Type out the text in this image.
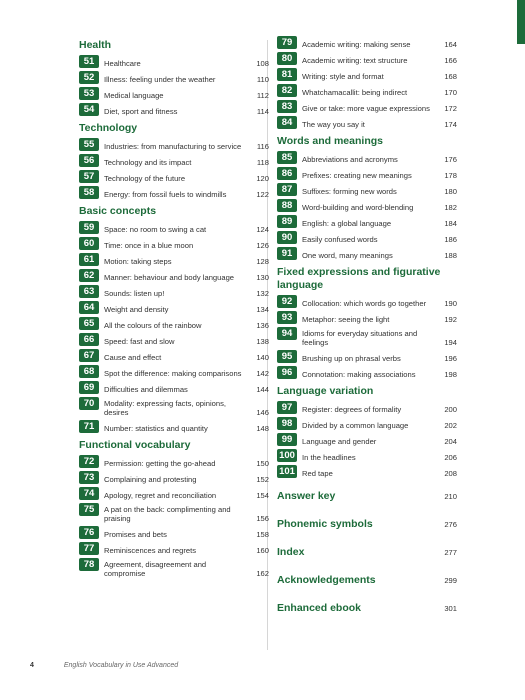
Health
51	Healthcare	108
52	Illness: feeling under the weather	110
53	Medical language	112
54	Diet, sport and fitness	114
Technology
55	Industries: from manufacturing to service	116
56	Technology and its impact	118
57	Technology of the future	120
58	Energy: from fossil fuels to windmills	122
Basic concepts
59	Space: no room to swing a cat	124
60	Time: once in a blue moon	126
61	Motion: taking steps	128
62	Manner: behaviour and body language	130
63	Sounds: listen up!	132
64	Weight and density	134
65	All the colours of the rainbow	136
66	Speed: fast and slow	138
67	Cause and effect	140
68	Spot the difference: making comparisons	142
69	Difficulties and dilemmas	144
70	Modality: expressing facts, opinions, desires	146
71	Number: statistics and quantity	148
Functional vocabulary
72	Permission: getting the go-ahead	150
73	Complaining and protesting	152
74	Apology, regret and reconciliation	154
75	A pat on the back: complimenting and praising	156
76	Promises and bets	158
77	Reminiscences and regrets	160
78	Agreement, disagreement and compromise	162
79	Academic writing: making sense	164
80	Academic writing: text structure	166
81	Writing: style and format	168
82	Whatchamacallit: being indirect	170
83	Give or take: more vague expressions	172
84	The way you say it	174
Words and meanings
85	Abbreviations and acronyms	176
86	Prefixes: creating new meanings	178
87	Suffixes: forming new words	180
88	Word-building and word-blending	182
89	English: a global language	184
90	Easily confused words	186
91	One word, many meanings	188
Fixed expressions and figurative language
92	Collocation: which words go together	190
93	Metaphor: seeing the light	192
94	Idioms for everyday situations and feelings	194
95	Brushing up on phrasal verbs	196
96	Connotation: making associations	198
Language variation
97	Register: degrees of formality	200
98	Divided by a common language	202
99	Language and gender	204
100 In the headlines	206
101 Red tape	208
Answer key	210
Phonemic symbols	276
Index	277
Acknowledgements	299
Enhanced ebook	301
4	English Vocabulary in Use Advanced
